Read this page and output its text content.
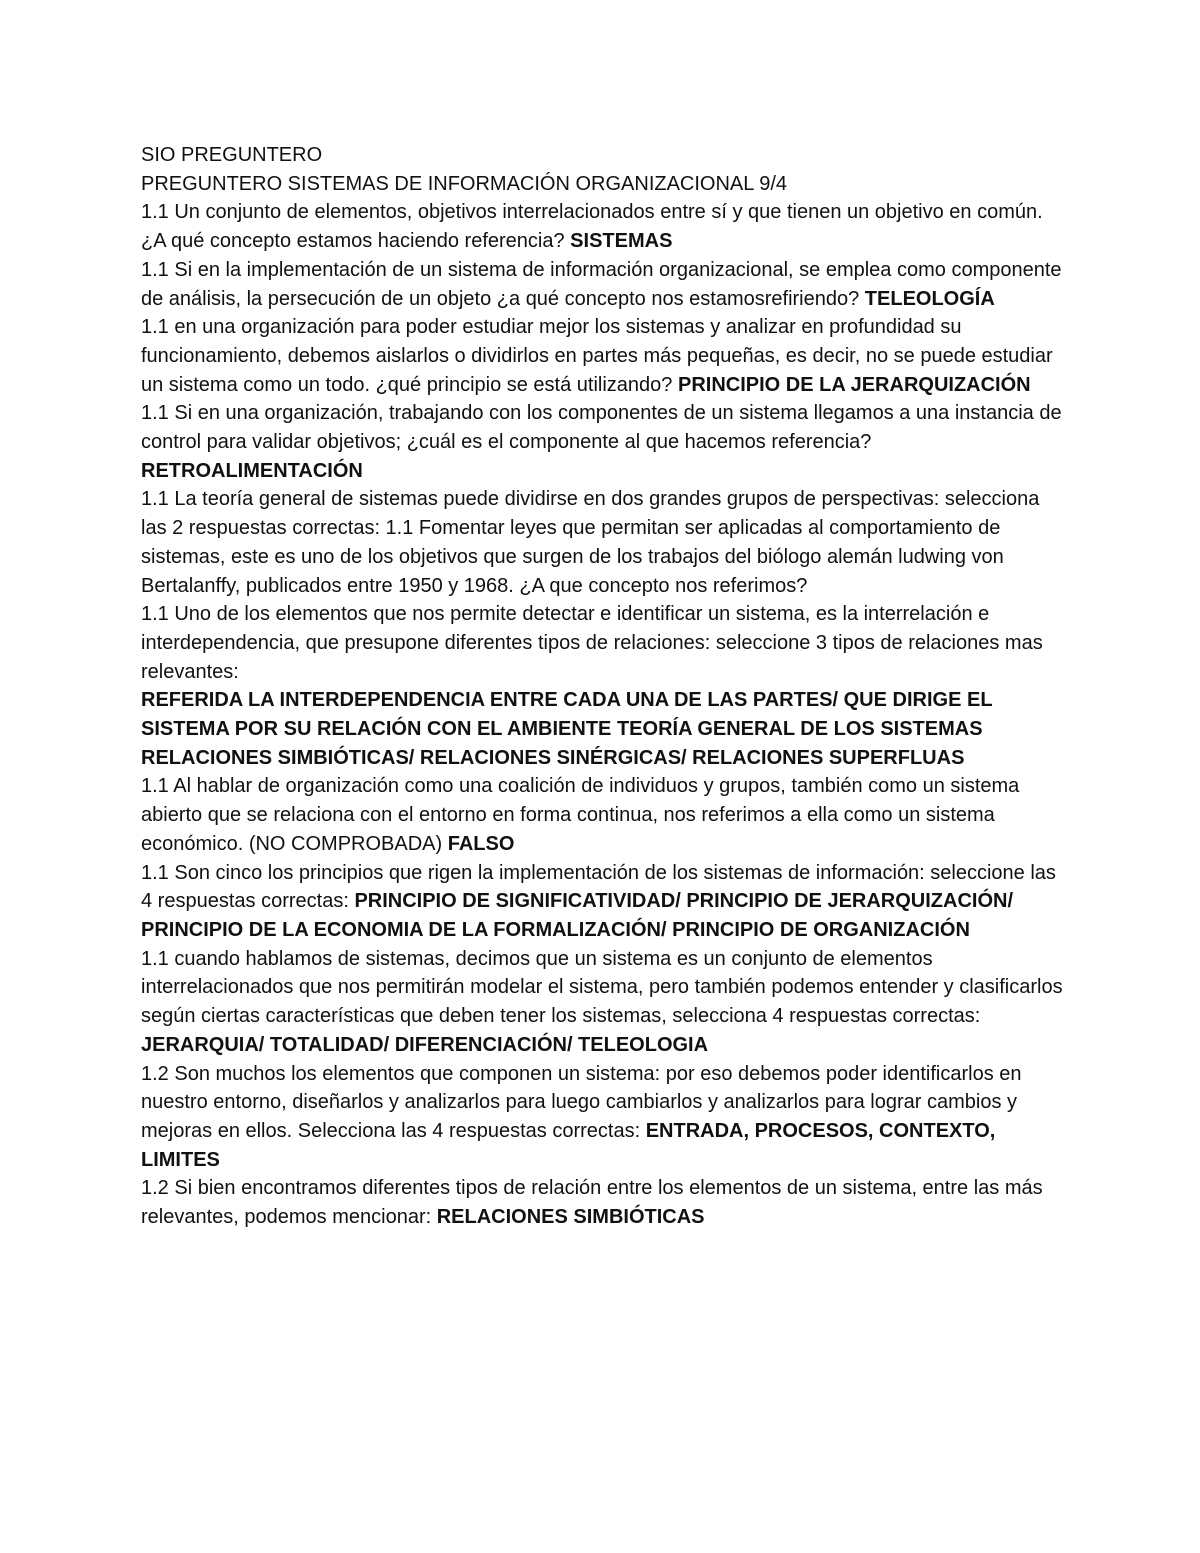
SIO PREGUNTERO

PREGUNTERO SISTEMAS DE INFORMACIÓN ORGANIZACIONAL 9/4

1.1 Un conjunto de elementos, objetivos interrelacionados entre sí y que tienen un objetivo en común. ¿A qué concepto estamos haciendo referencia? SISTEMAS

1.1 Si en la implementación de un sistema de información organizacional, se emplea como componente de análisis, la persecución de un objeto ¿a qué concepto nos estamosrefiriendo? TELEOLOGÍA

1.1 en una organización para poder estudiar mejor los sistemas y analizar en profundidad su funcionamiento, debemos aislarlos o dividirlos en partes más pequeñas, es decir, no se puede estudiar un sistema como un todo. ¿qué principio se está utilizando? PRINCIPIO DE LA JERARQUIZACIÓN

1.1 Si en una organización, trabajando con los componentes de un sistema llegamos a una instancia de control para validar objetivos; ¿cuál es el componente al que hacemos referencia? RETROALIMENTACIÓN

1.1 La teoría general de sistemas puede dividirse en dos grandes grupos de perspectivas: selecciona las 2 respuestas correctas: 1.1 Fomentar leyes que permitan ser aplicadas al comportamiento de sistemas, este es uno de los objetivos que surgen de los trabajos del biólogo alemán ludwing von Bertalanffy, publicados entre 1950 y 1968. ¿A que concepto nos referimos?

1.1 Uno de los elementos que nos permite detectar e identificar un sistema, es la interrelación e interdependencia, que presupone diferentes tipos de relaciones: seleccione 3 tipos de relaciones mas relevantes:

REFERIDA LA INTERDEPENDENCIA ENTRE CADA UNA DE LAS PARTES/ QUE DIRIGE EL SISTEMA POR SU RELACIÓN CON EL AMBIENTE TEORÍA GENERAL DE LOS SISTEMAS RELACIONES SIMBIÓTICAS/ RELACIONES SINÉRGICAS/ RELACIONES SUPERFLUAS

1.1 Al hablar de organización como una coalición de individuos y grupos, también como un sistema abierto que se relaciona con el entorno en forma continua, nos referimos a ella como un sistema económico. (NO COMPROBADA) FALSO

1.1 Son cinco los principios que rigen la implementación de los sistemas de información: seleccione las 4 respuestas correctas: PRINCIPIO DE SIGNIFICATIVIDAD/ PRINCIPIO DE JERARQUIZACIÓN/ PRINCIPIO DE LA ECONOMIA DE LA FORMALIZACIÓN/ PRINCIPIO DE ORGANIZACIÓN

1.1 cuando hablamos de sistemas, decimos que un sistema es un conjunto de elementos interrelacionados que nos permitirán modelar el sistema, pero también podemos entender y clasificarlos según ciertas características que deben tener los sistemas, selecciona 4 respuestas correctas: JERARQUIA/ TOTALIDAD/ DIFERENCIACIÓN/ TELEOLOGIA

1.2 Son muchos los elementos que componen un sistema: por eso debemos poder identificarlos en nuestro entorno, diseñarlos y analizarlos para luego cambiarlos y analizarlos para lograr cambios y mejoras en ellos. Selecciona las 4 respuestas correctas: ENTRADA, PROCESOS, CONTEXTO, LIMITES

1.2 Si bien encontramos diferentes tipos de relación entre los elementos de un sistema, entre las más relevantes, podemos mencionar: RELACIONES SIMBIÓTICAS
